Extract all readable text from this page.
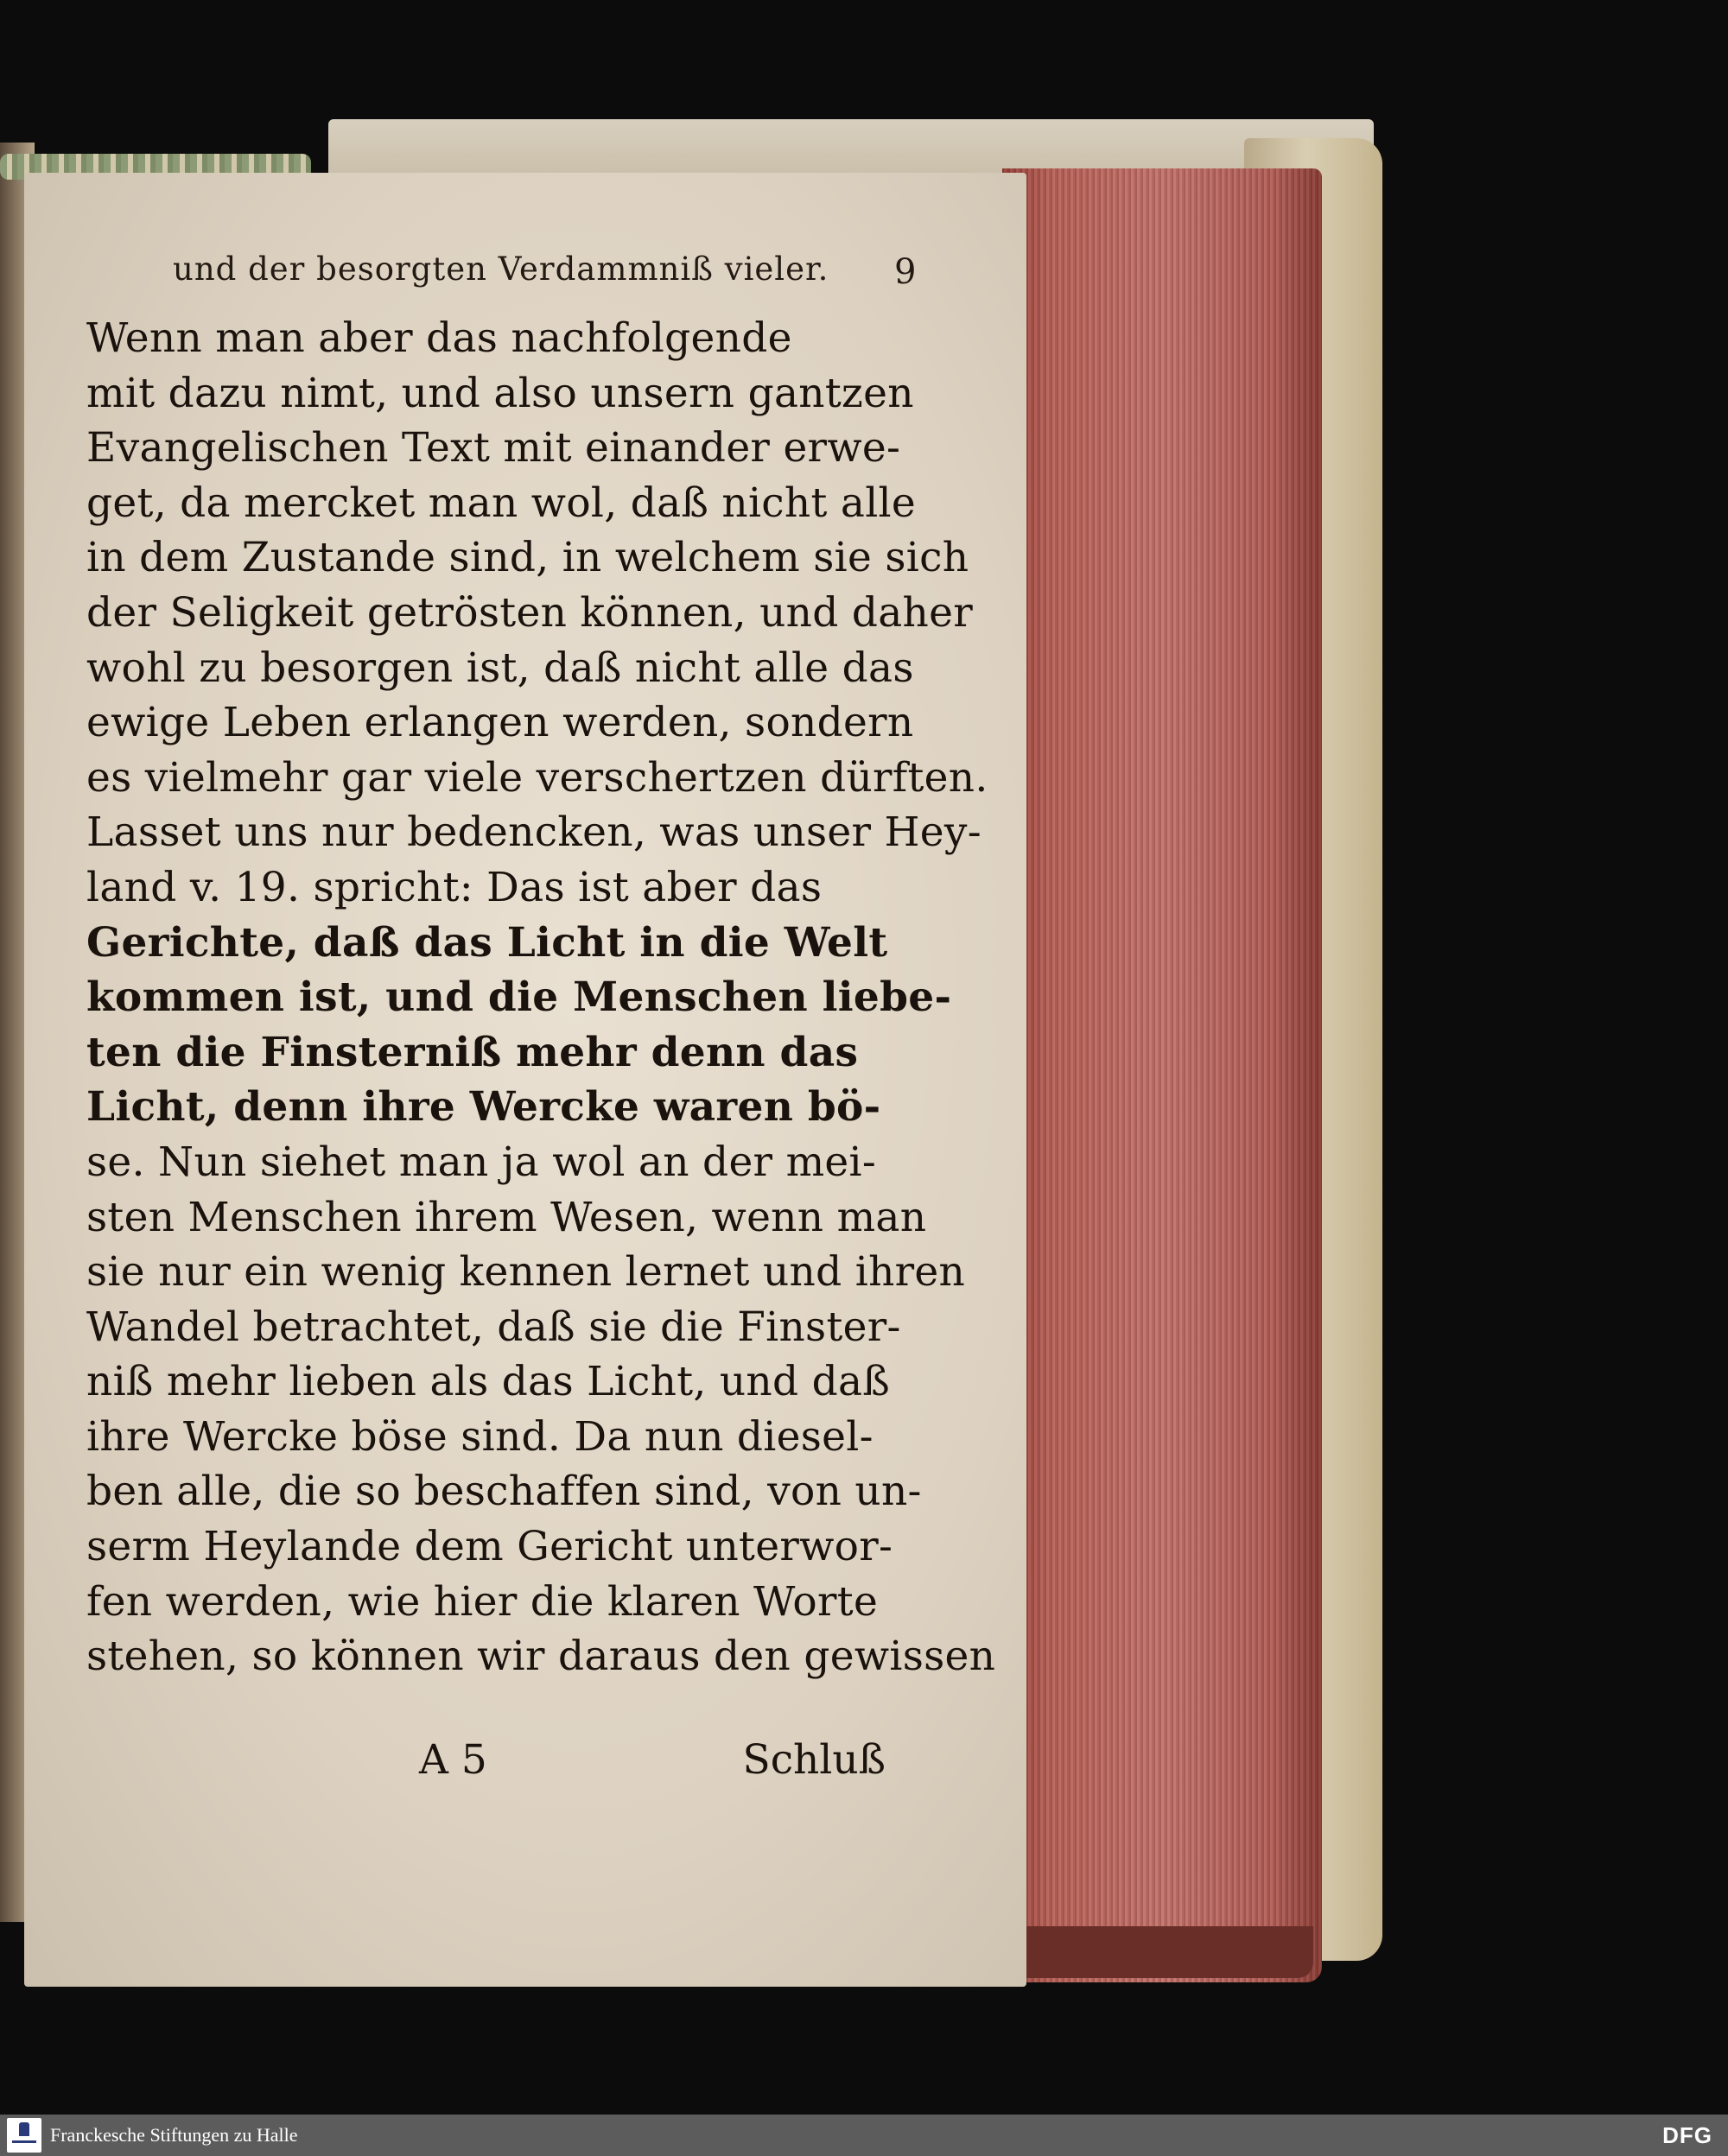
und der besorgten Verdammniß vieler. 9
Wenn man aber das nachfolgende
mit dazu nimt, und also unsern gantzen
Evangelischen Text mit einander erwe-
get, da mercket man wol, daß nicht alle
in dem Zustande sind, in welchem sie sich
der Seligkeit getrösten können, und daher
wohl zu besorgen ist, daß nicht alle das
ewige Leben erlangen werden, sondern
es vielmehr gar viele verschertzen dürften.
Lasset uns nur bedencken, was unser Hey-
land v. 19. spricht: Das ist aber das
Gerichte, daß das Licht in die Welt
kommen ist, und die Menschen liebe-
ten die Finsterniß mehr denn das
Licht, denn ihre Wercke waren bö-
se. Nun siehet man ja wol an der mei-
sten Menschen ihrem Wesen, wenn man
sie nur ein wenig kennen lernet und ihren
Wandel betrachtet, daß sie die Finster-
niß mehr lieben als das Licht, und daß
ihre Wercke böse sind. Da nun diesel-
ben alle, die so beschaffen sind, von un-
serm Heylande dem Gericht unterwor-
fen werden, wie hier die klaren Worte
stehen, so können wir daraus den gewissen
A 5	Schluß
Franckesche Stiftungen zu Halle	DFG
